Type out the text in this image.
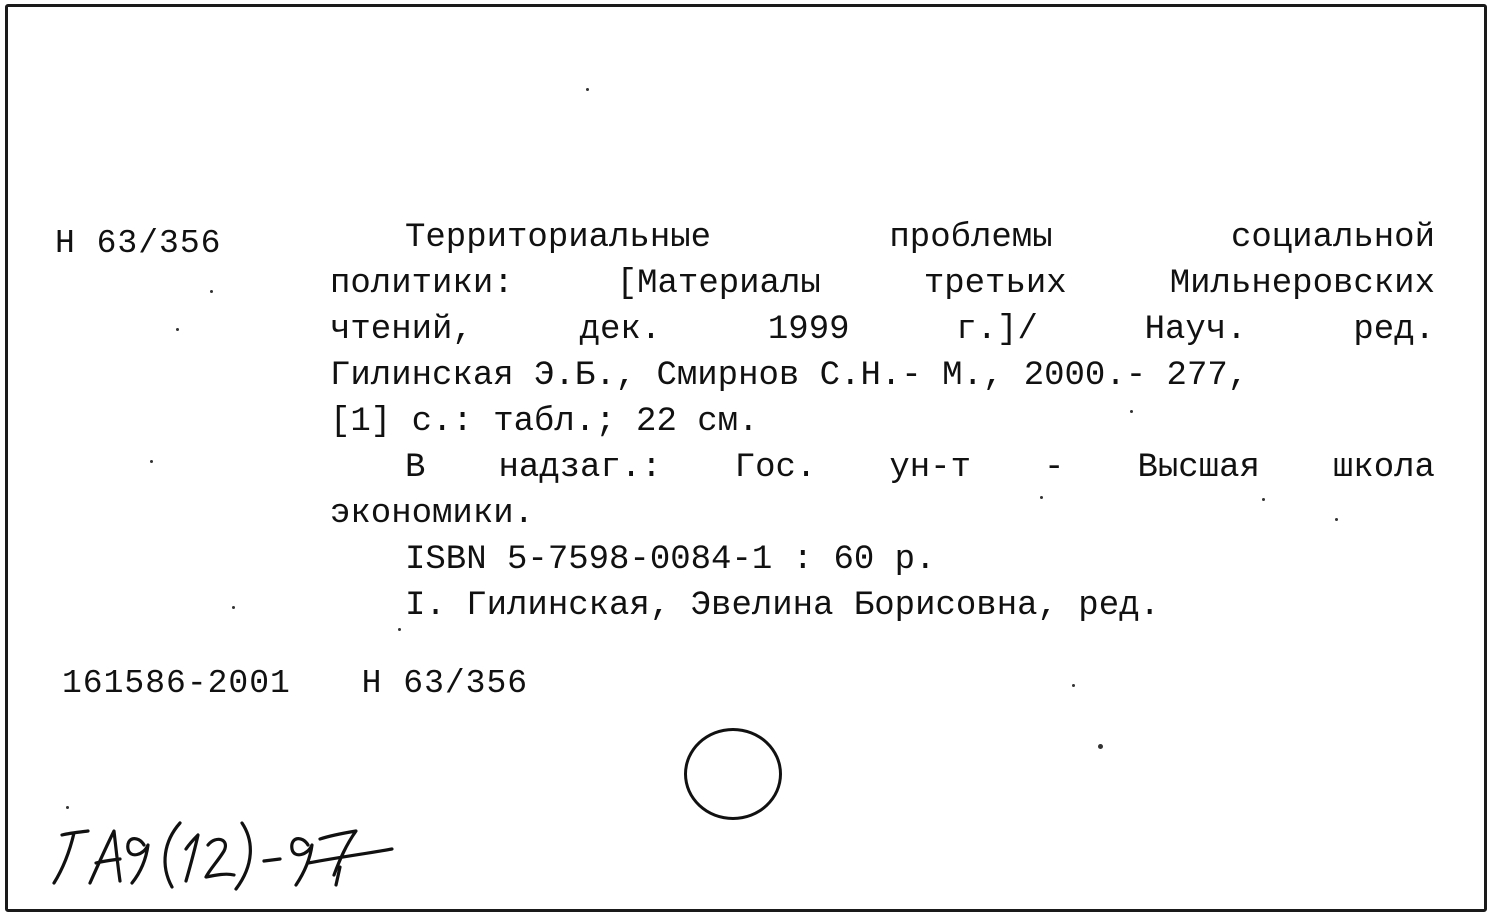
Н 63/356	Территориальные	проблемы	социальной
политики:	[Материалы	третьих	Мильнеровских
чтений,	дек.	1999	г.]/	Науч.	ред.
Гилинская Э.Б., Смирнов С.Н.- М., 2000.- 277,
[1] с.: табл.; 22 см.
В надзаг.: Гос. ун-т - Высшая школа
экономики.
ISBN 5-7598-0084-1 : 60 р.
I. Гилинская, Эвелина Борисовна, ред.
161586-2001 Н 63/356
